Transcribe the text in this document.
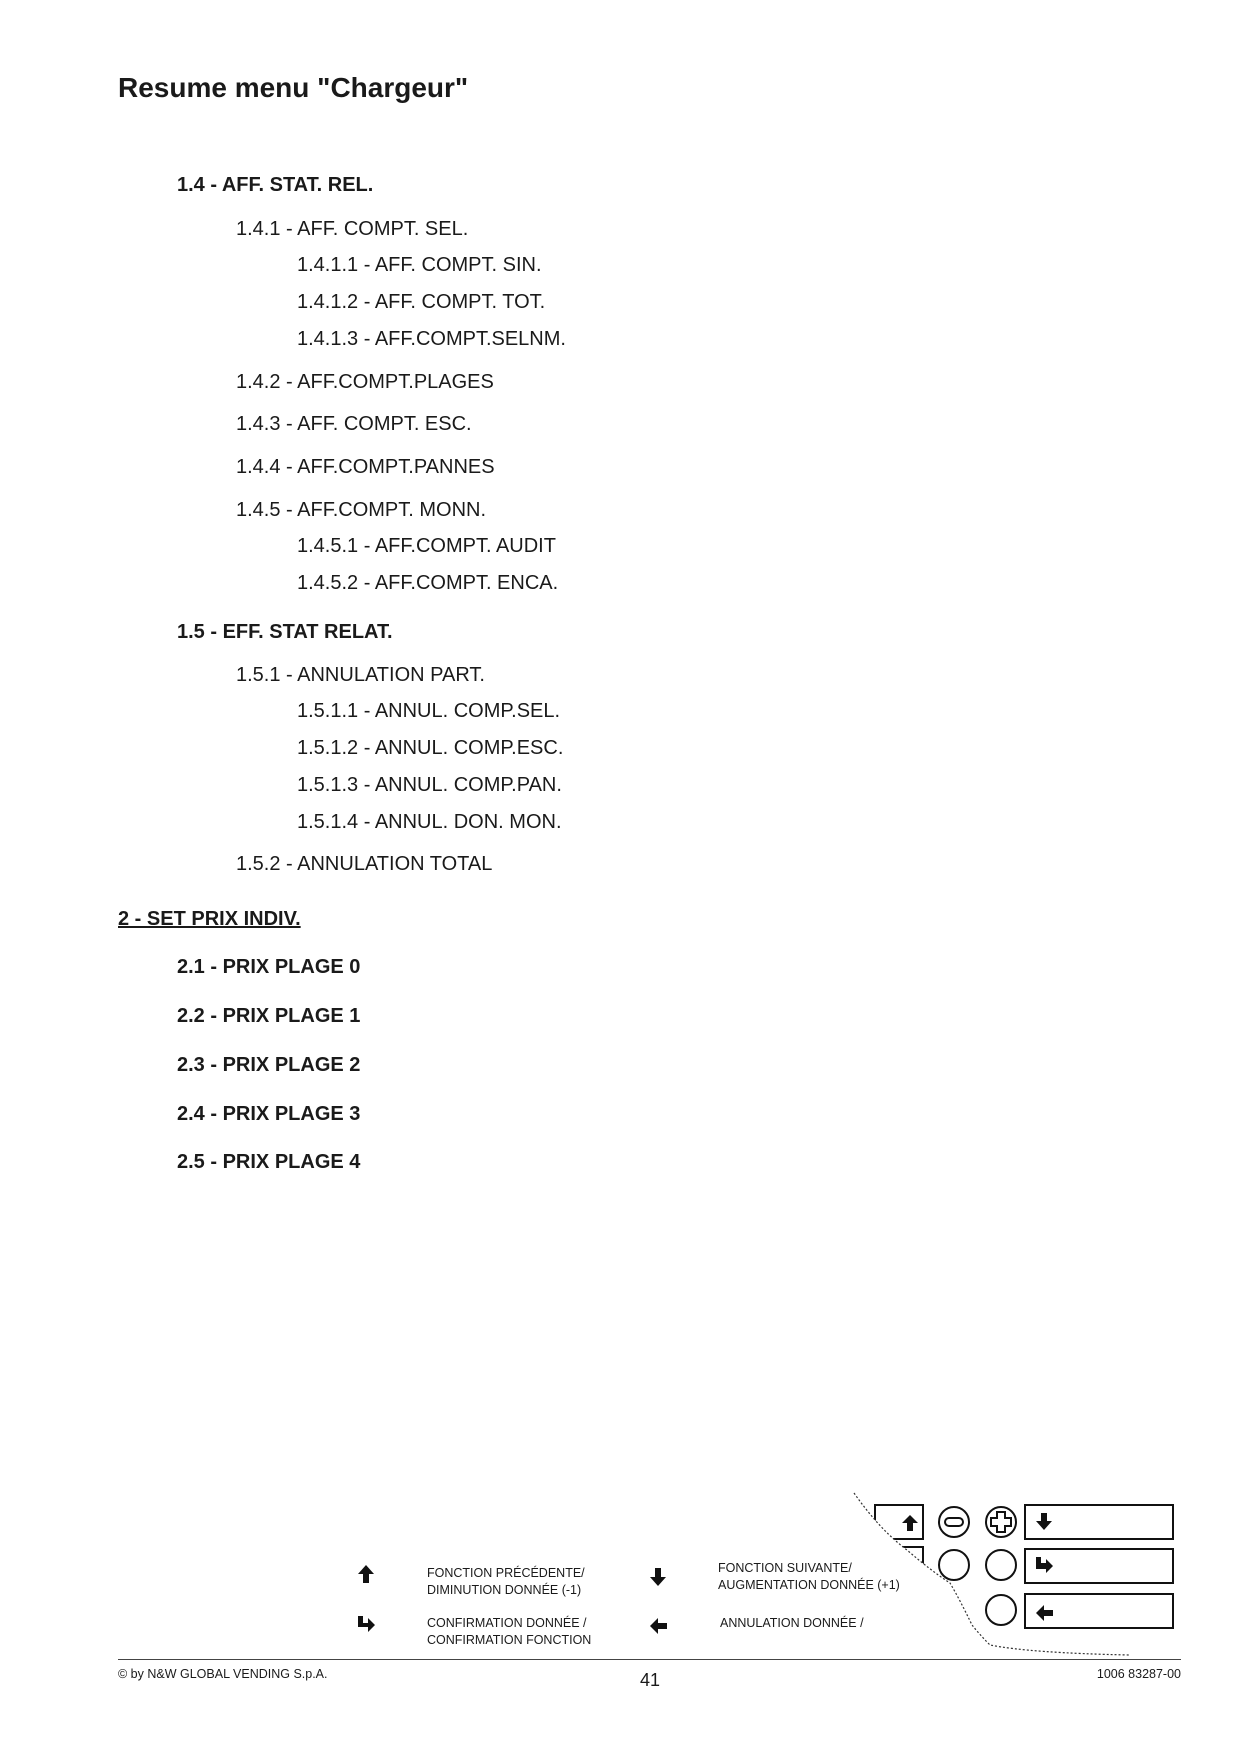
Resume menu "Chargeur"
1.4 - AFF. STAT. REL.
1.4.1 - AFF. COMPT. SEL.
1.4.1.1 - AFF. COMPT. SIN.
1.4.1.2 - AFF. COMPT. TOT.
1.4.1.3 - AFF.COMPT.SELNM.
1.4.2 - AFF.COMPT.PLAGES
1.4.3 - AFF. COMPT. ESC.
1.4.4 - AFF.COMPT.PANNES
1.4.5 - AFF.COMPT. MONN.
1.4.5.1 - AFF.COMPT. AUDIT
1.4.5.2 - AFF.COMPT. ENCA.
1.5 - EFF. STAT RELAT.
1.5.1 - ANNULATION PART.
1.5.1.1 - ANNUL. COMP.SEL.
1.5.1.2 - ANNUL. COMP.ESC.
1.5.1.3 - ANNUL. COMP.PAN.
1.5.1.4 - ANNUL. DON. MON.
1.5.2 - ANNULATION TOTAL
2 - SET PRIX INDIV.
2.1 - PRIX PLAGE 0
2.2 - PRIX PLAGE 1
2.3 - PRIX PLAGE 2
2.4 - PRIX PLAGE 3
2.5 - PRIX PLAGE 4
FONCTION PRÉCÉDENTE/
DIMINUTION DONNÉE (-1)
FONCTION SUIVANTE/
AUGMENTATION DONNÉE (+1)
CONFIRMATION DONNÉE /
CONFIRMATION FONCTION
ANNULATION DONNÉE /
© by N&W GLOBAL VENDING S.p.A.	41	1006 83287-00
